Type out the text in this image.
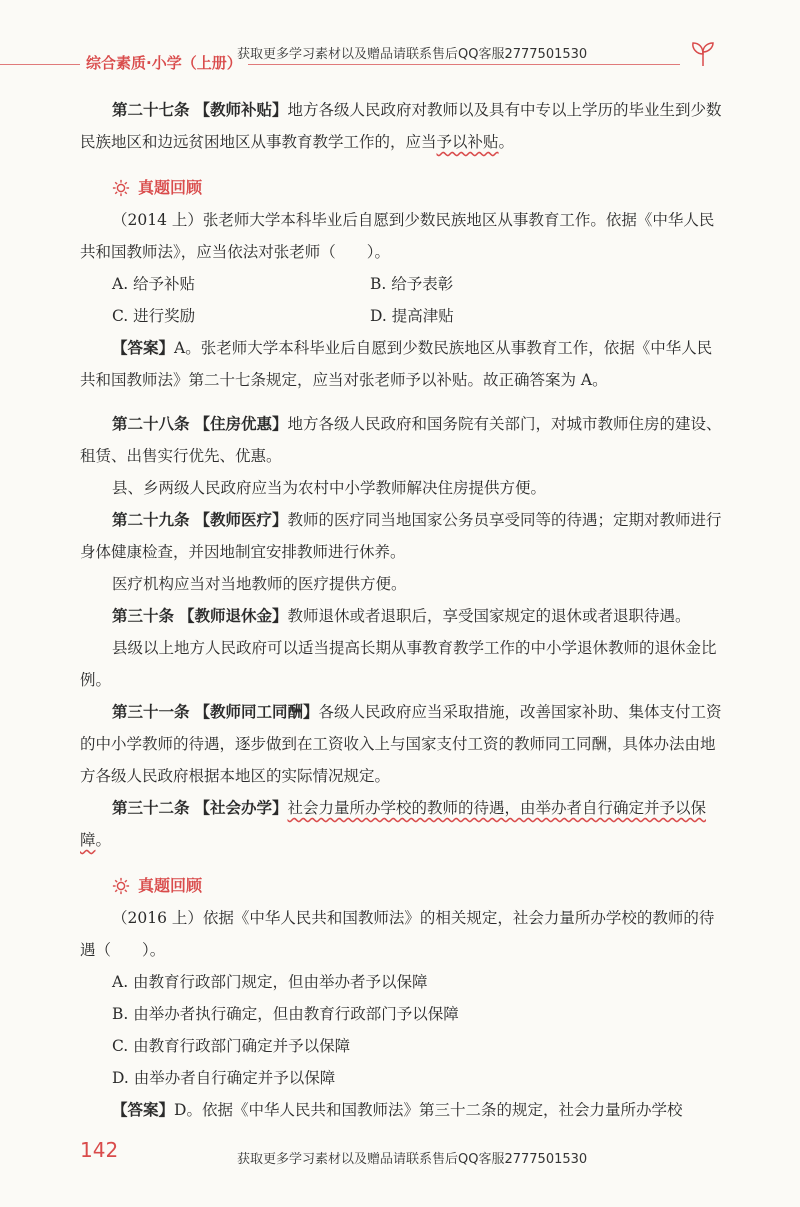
综合素质·小学（上册）
获取更多学习素材以及赠品请联系售后QQ客服2777501530

第二十七条 【教师补贴】地方各级人民政府对教师以及具有中专以上学历的毕业生到少数民族地区和边远贫困地区从事教育教学工作的，应当予以补贴。

真题回顾

（2014 上）张老师大学本科毕业后自愿到少数民族地区从事教育工作。依据《中华人民共和国教师法》，应当依法对张老师（　　）。

A. 给予补贴	B. 给予表彰
C. 进行奖励	D. 提高津贴

【答案】A。张老师大学本科毕业后自愿到少数民族地区从事教育工作，依据《中华人民共和国教师法》第二十七条规定，应当对张老师予以补贴。故正确答案为 A。

第二十八条 【住房优惠】地方各级人民政府和国务院有关部门，对城市教师住房的建设、租赁、出售实行优先、优惠。

县、乡两级人民政府应当为农村中小学教师解决住房提供方便。

第二十九条 【教师医疗】教师的医疗同当地国家公务员享受同等的待遇；定期对教师进行身体健康检查，并因地制宜安排教师进行休养。

医疗机构应当对当地教师的医疗提供方便。

第三十条 【教师退休金】教师退休或者退职后，享受国家规定的退休或者退职待遇。

县级以上地方人民政府可以适当提高长期从事教育教学工作的中小学退休教师的退休金比例。

第三十一条 【教师同工同酬】各级人民政府应当采取措施，改善国家补助、集体支付工资的中小学教师的待遇，逐步做到在工资收入上与国家支付工资的教师同工同酬，具体办法由地方各级人民政府根据本地区的实际情况规定。

第三十二条 【社会办学】社会力量所办学校的教师的待遇，由举办者自行确定并予以保障。

真题回顾

（2016 上）依据《中华人民共和国教师法》的相关规定，社会力量所办学校的教师的待遇（　　）。

A. 由教育行政部门规定，但由举办者予以保障

B. 由举办者执行确定，但由教育行政部门予以保障

C. 由教育行政部门确定并予以保障

D. 由举办者自行确定并予以保障

【答案】D。依据《中华人民共和国教师法》第三十二条的规定，社会力量所办学校

142	获取更多学习素材以及赠品请联系售后QQ客服2777501530
